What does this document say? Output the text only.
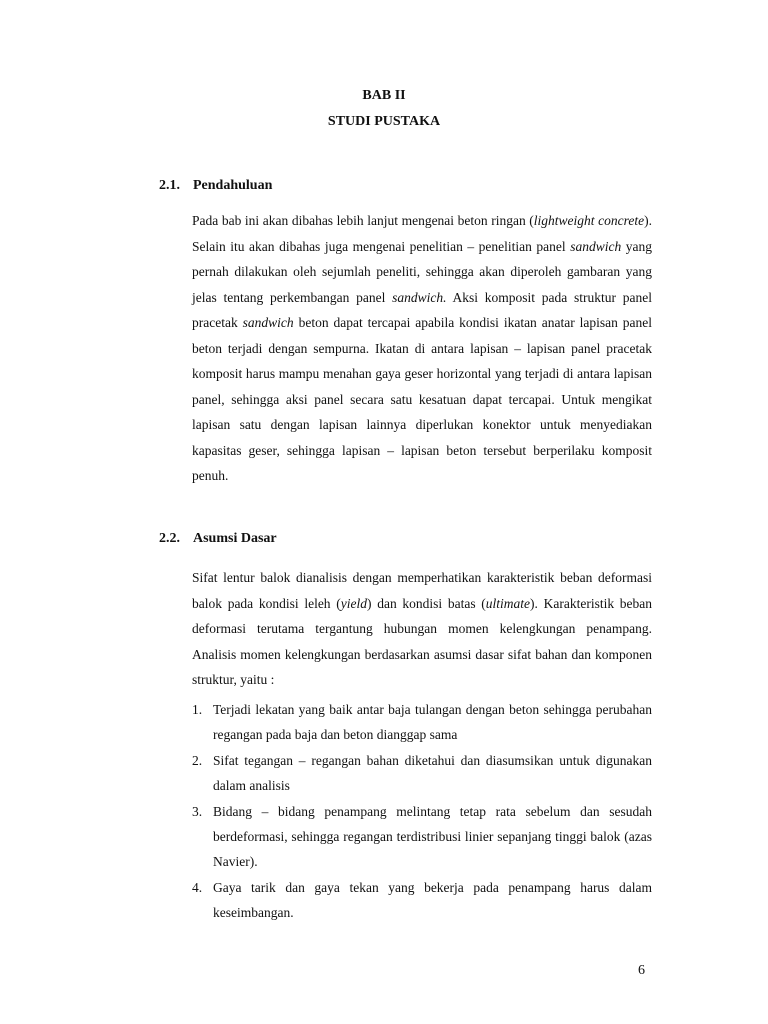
BAB II
STUDI PUSTAKA
2.1. Pendahuluan

Pada bab ini akan dibahas lebih lanjut mengenai beton ringan (lightweight concrete). Selain itu akan dibahas juga mengenai penelitian – penelitian panel sandwich yang pernah dilakukan oleh sejumlah peneliti, sehingga akan diperoleh gambaran yang jelas tentang perkembangan panel sandwich. Aksi komposit pada struktur panel pracetak sandwich beton dapat tercapai apabila kondisi ikatan anatar lapisan panel beton terjadi dengan sempurna. Ikatan di antara lapisan – lapisan panel pracetak komposit harus mampu menahan gaya geser horizontal yang terjadi di antara lapisan panel, sehingga aksi panel secara satu kesatuan dapat tercapai. Untuk mengikat lapisan satu dengan lapisan lainnya diperlukan konektor untuk menyediakan kapasitas geser, sehingga lapisan – lapisan beton tersebut berperilaku komposit penuh.

2.2. Asumsi Dasar

Sifat lentur balok dianalisis dengan memperhatikan karakteristik beban deformasi balok pada kondisi leleh (yield) dan kondisi batas (ultimate). Karakteristik beban deformasi terutama tergantung hubungan momen kelengkungan penampang. Analisis momen kelengkungan berdasarkan asumsi dasar sifat bahan dan komponen struktur, yaitu :

1. Terjadi lekatan yang baik antar baja tulangan dengan beton sehingga perubahan regangan pada baja dan beton dianggap sama
2. Sifat tegangan – regangan bahan diketahui dan diasumsikan untuk digunakan dalam analisis
3. Bidang – bidang penampang melintang tetap rata sebelum dan sesudah berdeformasi, sehingga regangan terdistribusi linier sepanjang tinggi balok (azas Navier).
4. Gaya tarik dan gaya tekan yang bekerja pada penampang harus dalam keseimbangan.
6
